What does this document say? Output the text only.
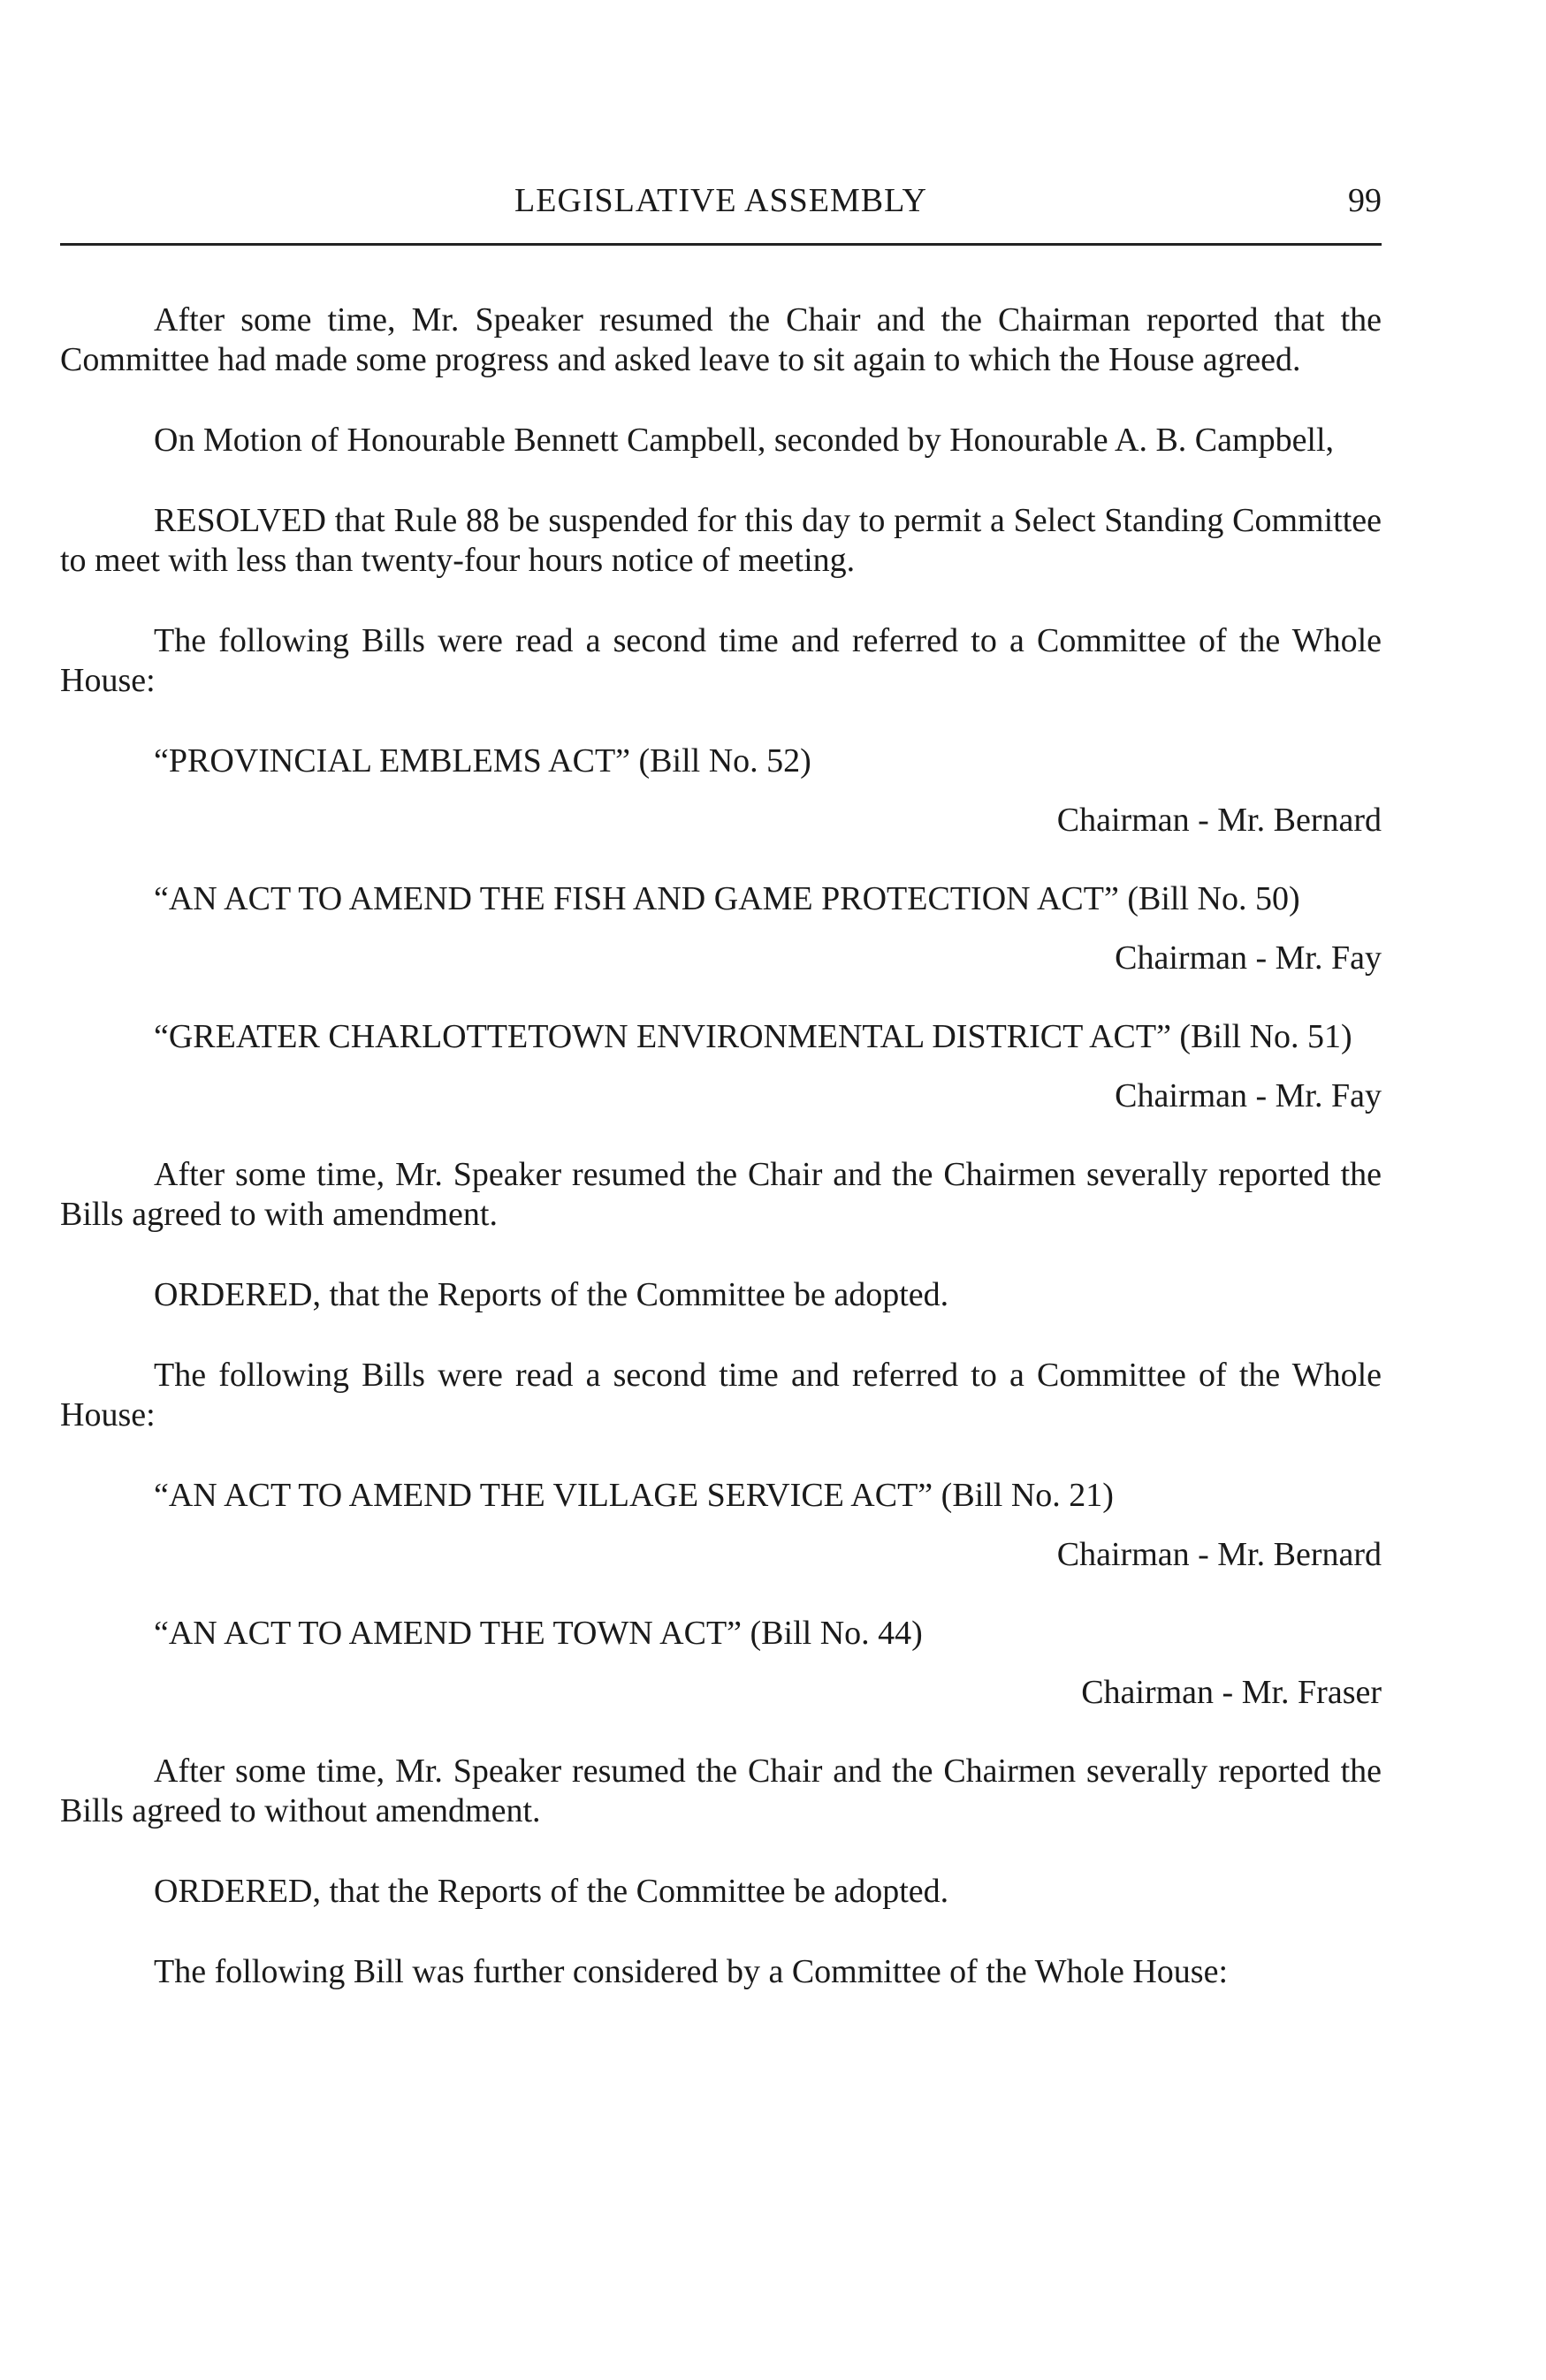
LEGISLATIVE ASSEMBLY	99

After some time, Mr. Speaker resumed the Chair and the Chairman reported that the Committee had made some progress and asked leave to sit again to which the House agreed.

On Motion of Honourable Bennett Campbell, seconded by Honourable A. B. Campbell,

RESOLVED that Rule 88 be suspended for this day to permit a Select Standing Committee to meet with less than twenty-four hours notice of meeting.

The following Bills were read a second time and referred to a Committee of the Whole House:

“PROVINCIAL EMBLEMS ACT” (Bill No. 52)
Chairman - Mr. Bernard
“AN ACT TO AMEND THE FISH AND GAME PROTECTION ACT” (Bill No. 50)
Chairman - Mr. Fay
“GREATER CHARLOTTETOWN ENVIRONMENTAL DISTRICT ACT” (Bill No. 51)
Chairman - Mr. Fay

After some time, Mr. Speaker resumed the Chair and the Chairmen severally reported the Bills agreed to with amendment.

ORDERED, that the Reports of the Committee be adopted.

The following Bills were read a second time and referred to a Committee of the Whole House:

“AN ACT TO AMEND THE VILLAGE SERVICE ACT” (Bill No. 21)
Chairman - Mr. Bernard
“AN ACT TO AMEND THE TOWN ACT” (Bill No. 44)
Chairman - Mr. Fraser

After some time, Mr. Speaker resumed the Chair and the Chairmen severally reported the Bills agreed to without amendment.

ORDERED, that the Reports of the Committee be adopted.

The following Bill was further considered by a Committee of the Whole House:
